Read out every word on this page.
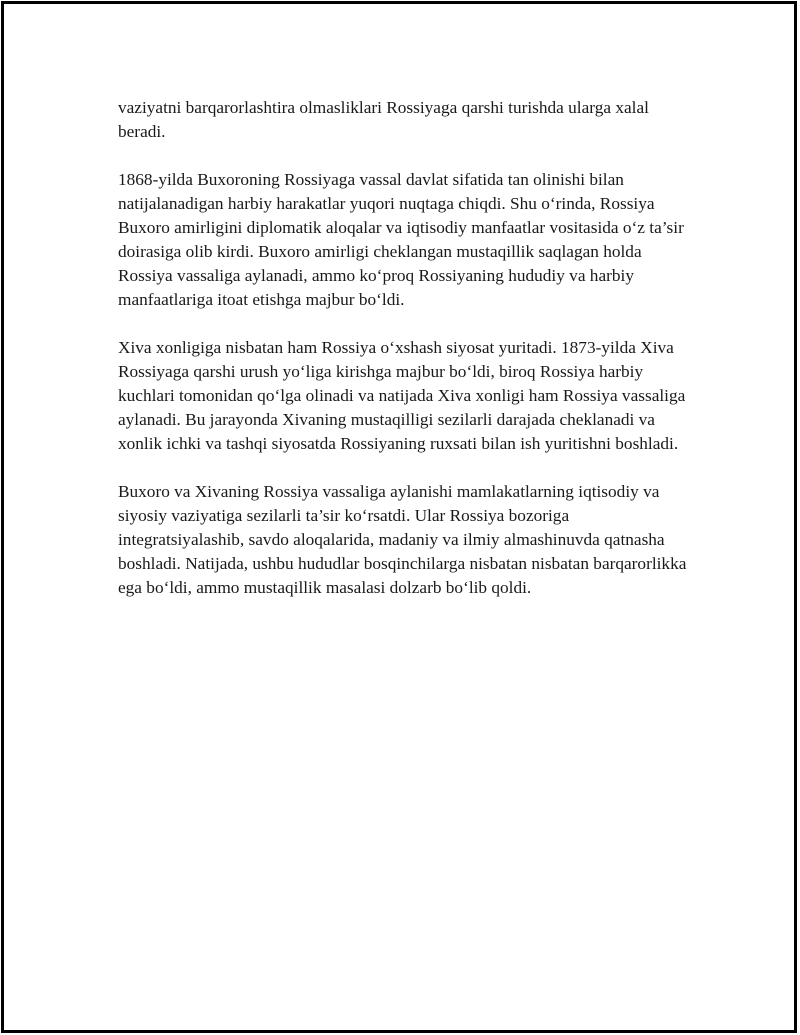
vaziyatni barqarorlashtira olmasliklari Rossiyaga qarshi turishda ularga xalal beradi.

1868-yilda Buxoroning Rossiyaga vassal davlat sifatida tan olinishi bilan natijalanadigan harbiy harakatlar yuqori nuqtaga chiqdi. Shu o‘rinda, Rossiya Buxoro amirligini diplomatik aloqalar va iqtisodiy manfaatlar vositasida o‘z ta’sir doirasiga olib kirdi. Buxoro amirligi cheklangan mustaqillik saqlagan holda Rossiya vassaliga aylanadi, ammo ko‘proq Rossiyaning hududiy va harbiy manfaatlariga itoat etishga majbur bo‘ldi.

Xiva xonligiga nisbatan ham Rossiya o‘xshash siyosat yuritadi. 1873-yilda Xiva Rossiyaga qarshi urush yo‘liga kirishga majbur bo‘ldi, biroq Rossiya harbiy kuchlari tomonidan qo‘lga olinadi va natijada Xiva xonligi ham Rossiya vassaliga aylanadi. Bu jarayonda Xivaning mustaqilligi sezilarli darajada cheklanadi va xonlik ichki va tashqi siyosatda Rossiyaning ruxsati bilan ish yuritishni boshladi.

Buxoro va Xivaning Rossiya vassaliga aylanishi mamlakatlarning iqtisodiy va siyosiy vaziyatiga sezilarli ta’sir ko‘rsatdi. Ular Rossiya bozoriga integratsiyalashib, savdo aloqalarida, madaniy va ilmiy almashinuvda qatnasha boshladi. Natijada, ushbu hududlar bosqinchilarga nisbatan nisbatan barqarorlikka ega bo‘ldi, ammo mustaqillik masalasi dolzarb bo‘lib qoldi.
